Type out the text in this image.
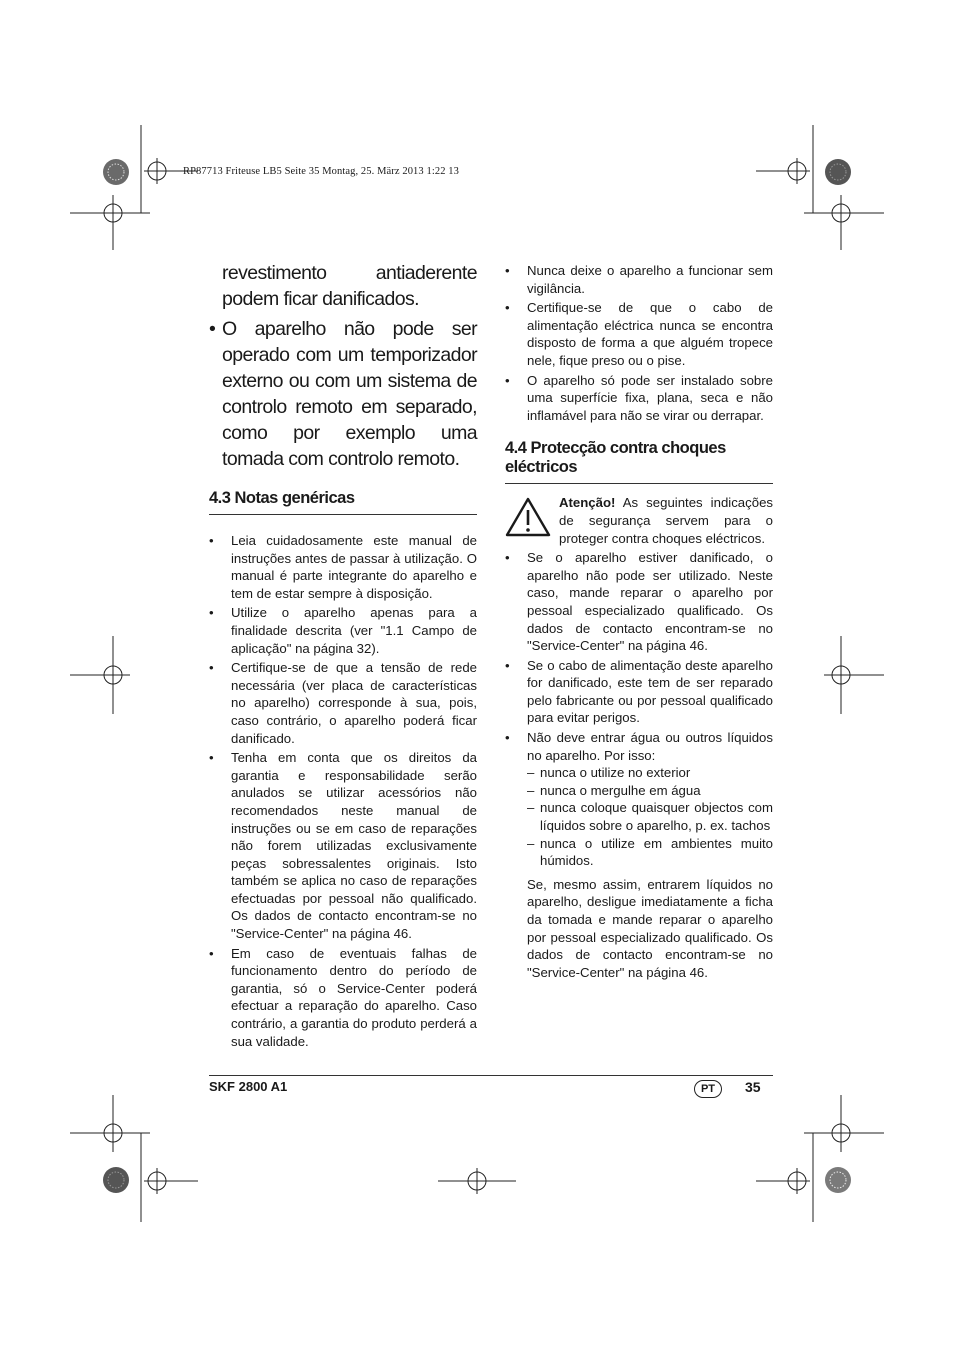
RP87713 Friteuse LB5 Seite 35 Montag, 25. März 2013 1:22 13

revestimento antiaderente podem ficar danificados.

• O aparelho não pode ser operado com um temporizador externo ou com um sistema de controlo remoto em separado, como por exemplo uma tomada com controlo remoto.

4.3 Notas genéricas
• Leia cuidadosamente este manual de instruções antes de passar à utilização. O manual é parte integrante do aparelho e tem de estar sempre à disposição.
• Utilize o aparelho apenas para a finalidade descrita (ver "1.1 Campo de aplicação" na página 32).
• Certifique-se de que a tensão de rede necessária (ver placa de características no aparelho) corresponde à sua, pois, caso contrário, o aparelho poderá ficar danificado.
• Tenha em conta que os direitos da garantia e responsabilidade serão anulados se utilizar acessórios não recomendados neste manual de instruções ou se em caso de reparações não forem utilizadas exclusivamente peças sobressalentes originais. Isto também se aplica no caso de reparações efectuadas por pessoal não qualificado. Os dados de contacto encontram-se no "Service-Center" na página 46.
• Em caso de eventuais falhas de funcionamento dentro do período de garantia, só o Service-Center poderá efectuar a reparação do aparelho. Caso contrário, a garantia do produto perderá a sua validade.
• Nunca deixe o aparelho a funcionar sem vigilância.
• Certifique-se de que o cabo de alimentação eléctrica nunca se encontra disposto de forma a que alguém tropece nele, fique preso ou o pise.
• O aparelho só pode ser instalado sobre uma superfície fixa, plana, seca e não inflamável para não se virar ou derrapar.
4.4 Protecção contra choques eléctricos
Atenção! As seguintes indicações de segurança servem para o proteger contra choques eléctricos.
• Se o aparelho estiver danificado, o aparelho não pode ser utilizado. Neste caso, mande reparar o aparelho por pessoal especializado qualificado. Os dados de contacto encontram-se no "Service-Center" na página 46.
• Se o cabo de alimentação deste aparelho for danificado, este tem de ser reparado pelo fabricante ou por pessoal qualificado para evitar perigos.
• Não deve entrar água ou outros líquidos no aparelho. Por isso:
– nunca o utilize no exterior
– nunca o mergulhe em água
– nunca coloque quaisquer objectos com líquidos sobre o aparelho, p. ex. tachos
– nunca o utilize em ambientes muito húmidos.

Se, mesmo assim, entrarem líquidos no aparelho, desligue imediatamente a ficha da tomada e mande reparar o aparelho por pessoal especializado qualificado. Os dados de contacto encontram-se no "Service-Center" na página 46.

SKF 2800 A1	PT	35
